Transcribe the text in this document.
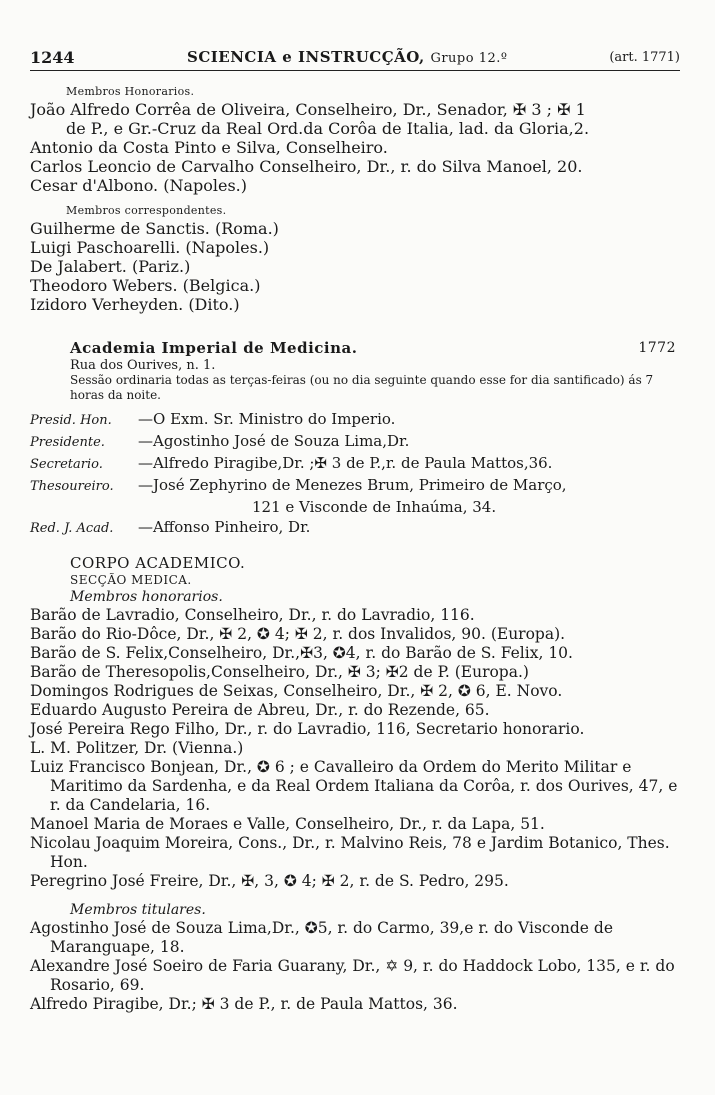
1244	SCIENCIA e INSTRUCÇÃO, Grupo 12.º	(art. 1771)
Membros Honorarios.
João Alfredo Corrêa de Oliveira, Conselheiro, Dr., Senador, ✠ 3 ; ✠ 1
de P., e Gr.-Cruz da Real Ord.da Corôa de Italia, lad. da Gloria,2.
Antonio da Costa Pinto e Silva, Conselheiro.
Carlos Leoncio de Carvalho Conselheiro, Dr., r. do Silva Manoel, 20.
Cesar d'Albono. (Napoles.)
Membros correspondentes.
Guilherme de Sanctis. (Roma.)
Luigi Paschoarelli. (Napoles.)
De Jalabert. (Pariz.)
Theodoro Webers. (Belgica.)
Izidoro Verheyden. (Dito.)
Academia Imperial de Medicina.	1772
Rua dos Ourives, n. 1.
Sessão ordinaria todas as terças-feiras (ou no dia seguinte quando esse for dia santificado) ás 7 horas da noite.
Presid. Hon. —O Exm. Sr. Ministro do Imperio.
Presidente. —Agostinho José de Souza Lima,Dr.
Secretario. —Alfredo Piragibe,Dr. ;✠ 3 de P.,r. de Paula Mattos,36.
Thesoureiro. —José Zephyrino de Menezes Brum, Primeiro de Março,
121 e Visconde de Inhaúma, 34.
Red. J. Acad. —Affonso Pinheiro, Dr.
CORPO ACADEMICO.
SECÇÃO MEDICA.
Membros honorarios.
Barão de Lavradio, Conselheiro, Dr., r. do Lavradio, 116.
Barão do Rio-Dôce, Dr., ✠ 2, ✪ 4; ✠ 2, r. dos Invalidos, 90. (Europa).
Barão de S. Felix,Conselheiro, Dr.,✠3, ✪4, r. do Barão de S. Felix, 10.
Barão de Theresopolis,Conselheiro, Dr., ✠ 3; ✠2 de P. (Europa.)
Domingos Rodrigues de Seixas, Conselheiro, Dr., ✠ 2, ✪ 6, E. Novo.
Eduardo Augusto Pereira de Abreu, Dr., r. do Rezende, 65.
José Pereira Rego Filho, Dr., r. do Lavradio, 116, Secretario honorario.
L. M. Politzer, Dr. (Vienna.)
Luiz Francisco Bonjean, Dr., ✪ 6 ; e Cavalleiro da Ordem do Merito Militar e Maritimo da Sardenha, e da Real Ordem Italiana da Corôa, r. dos Ourives, 47, e r. da Candelaria, 16.
Manoel Maria de Moraes e Valle, Conselheiro, Dr., r. da Lapa, 51.
Nicolau Joaquim Moreira, Cons., Dr., r. Malvino Reis, 78 e Jardim Botanico, Thes. Hon.
Peregrino José Freire, Dr., ✠, 3, ✪ 4; ✠ 2, r. de S. Pedro, 295.
Membros titulares.
Agostinho José de Souza Lima,Dr., ✪5, r. do Carmo, 39,e r. do Visconde de Maranguape, 18.
Alexandre José Soeiro de Faria Guarany, Dr., ✡ 9, r. do Haddock Lobo, 135, e r. do Rosario, 69.
Alfredo Piragibe, Dr.; ✠ 3 de P., r. de Paula Mattos, 36.
